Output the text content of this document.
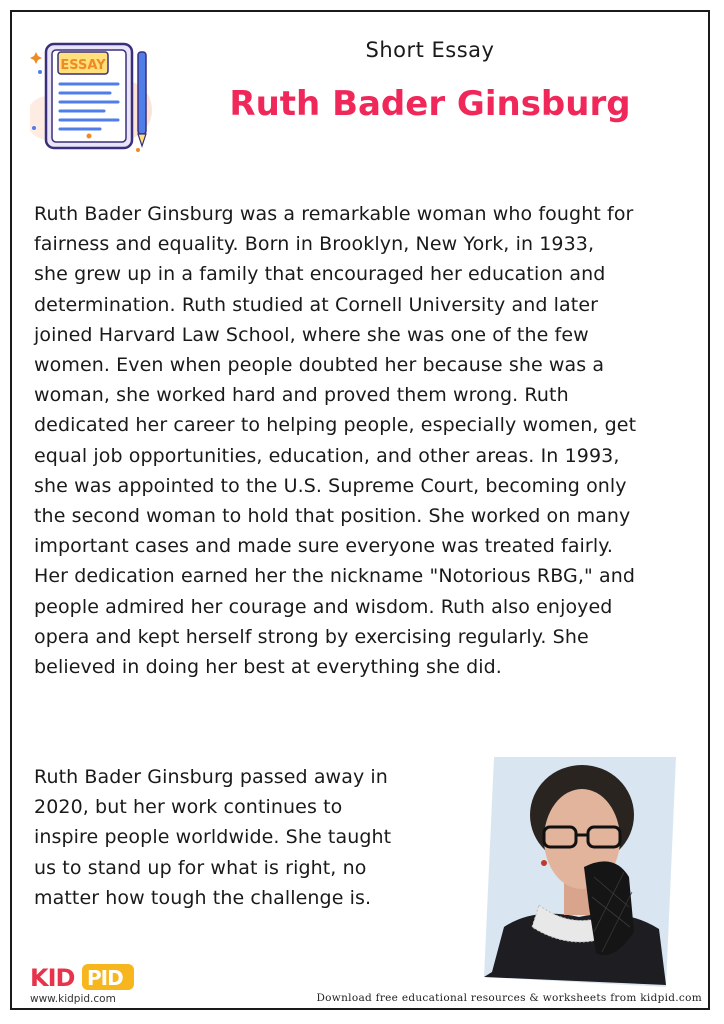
ESSAY
Short Essay
Ruth Bader Ginsburg
Ruth Bader Ginsburg was a remarkable woman who fought for
fairness and equality. Born in Brooklyn, New York, in 1933,
she grew up in a family that encouraged her education and
determination. Ruth studied at Cornell University and later
joined Harvard Law School, where she was one of the few
women. Even when people doubted her because she was a
woman, she worked hard and proved them wrong. Ruth
dedicated her career to helping people, especially women, get
equal job opportunities, education, and other areas. In 1993,
she was appointed to the U.S. Supreme Court, becoming only
the second woman to hold that position. She worked on many
important cases and made sure everyone was treated fairly.
Her dedication earned her the nickname "Notorious RBG," and
people admired her courage and wisdom. Ruth also enjoyed
opera and kept herself strong by exercising regularly. She
believed in doing her best at everything she did.
Ruth Bader Ginsburg passed away in
2020, but her work continues to
inspire people worldwide. She taught
us to stand up for what is right, no
matter how tough the challenge is.
KID PID
www.kidpid.com	Download free educational resources & worksheets from kidpid.com
